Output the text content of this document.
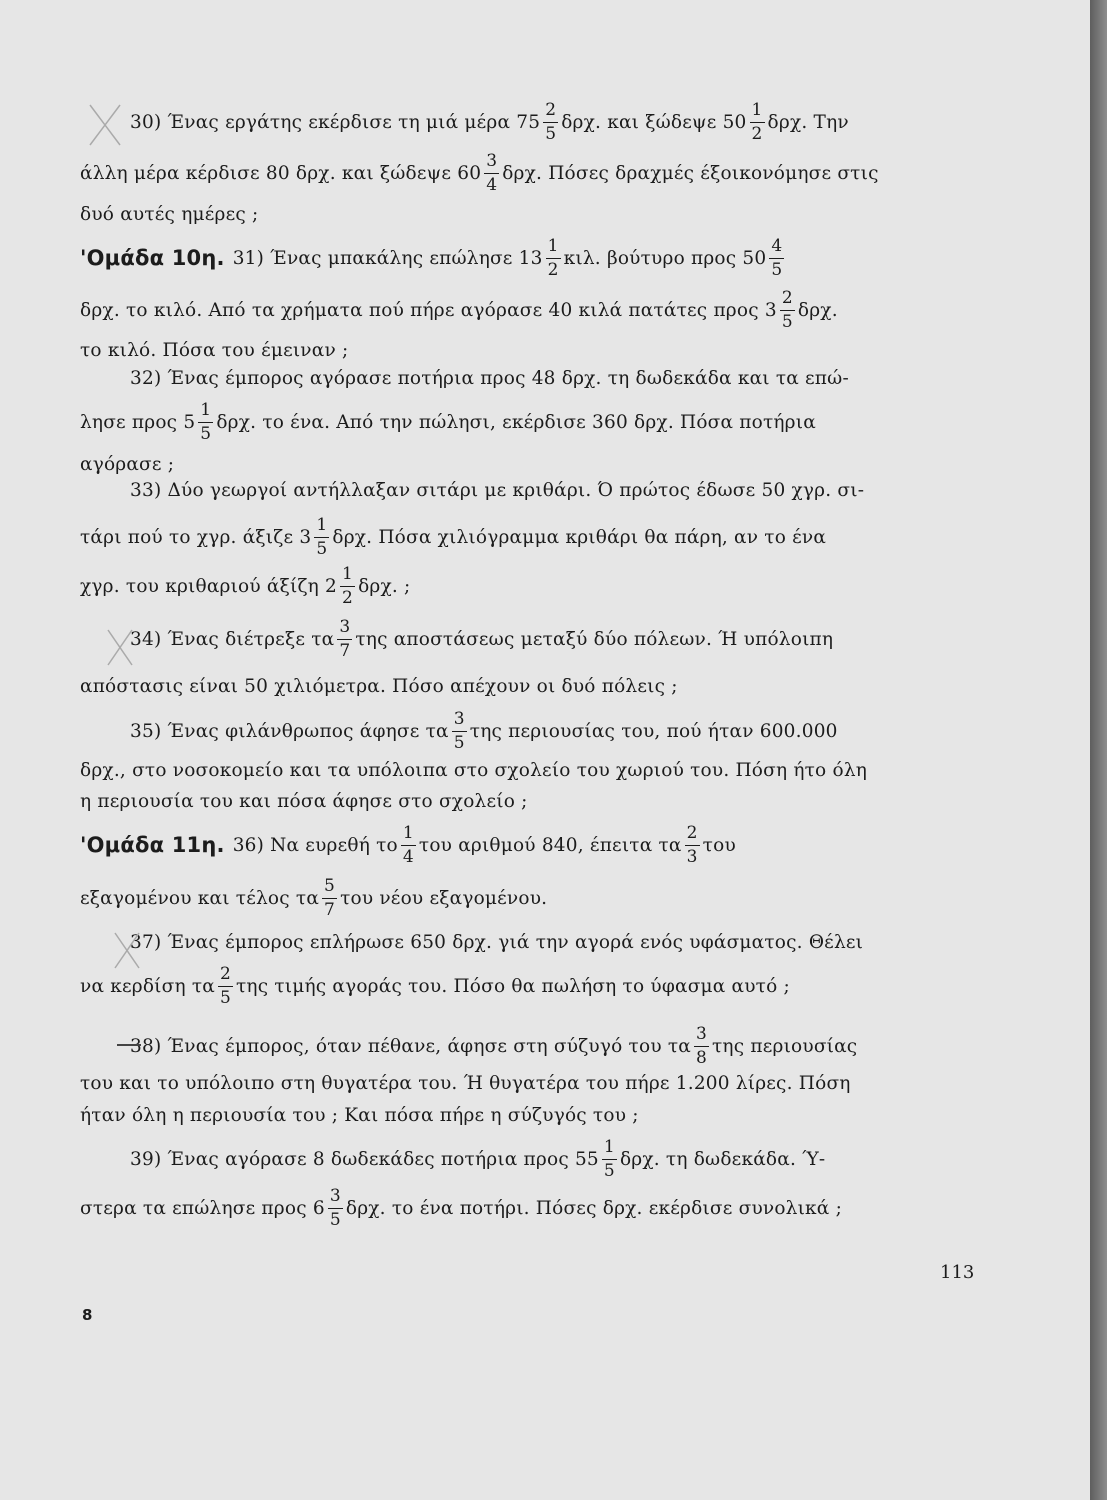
30) Ένας εργάτης εκέρδισε τη μιά μέρα $75 \frac{2}{5} \delta\rho\chi$. και ξώδεψε $50 \frac{1}{2} \delta\rho\chi$. Την
άλλη μέρα κέρδισε 80 δρχ. και ξώδεψε $60 \frac{3}{4} \delta\rho\chi$. Πόσες δραχμές έξοικονόμησε στις
δυό αυτές ημέρες ;
'Ομάδα 10η. 31) Ένας μπακάλης επώλησε $13 \frac{1}{2} \kappa\iota\lambda$. βούτυρο προς $50 \frac{4}{5}$
δρχ. το κιλό. Από τα χρήματα πού πήρε αγόρασε 40 κιλά πατάτες προς $3 \frac{2}{5} \delta\rho\chi$.
το κιλό. Πόσα του έμειναν ;
32) Ένας έμπορος αγόρασε ποτήρια προς 48 δρχ. τη δωδεκάδα και τα επώ-
λησε προς $5 \frac{1}{5} \delta\rho\chi$. το ένα. Από την πώλησι, εκέρδισε 360 δρχ. Πόσα ποτήρια
αγόρασε ;
33) Δύο γεωργοί αντήλλαξαν σιτάρι με κριθάρι. Ό πρώτος έδωσε 50 χγρ. σι-
τάρι πού το χγρ. άξιζε $3 \frac{1}{5} \delta\rho\chi$. Πόσα χιλιόγραμμα κριθάρι θα πάρη, αν το ένα
χγρ. του κριθαριού άξίζη $2 \frac{1}{2} \delta\rho\chi$. ;
34) Ένας διέτρεξε τα $\frac{3}{7}$ της αποστάσεως μεταξύ δύο πόλεων. Ή υπόλοιπη
απόστασις είναι 50 χιλιόμετρα. Πόσο απέχουν οι δυό πόλεις ;
35) Ένας φιλάνθρωπος άφησε τα $\frac{3}{5}$ της περιουσίας του, πού ήταν 600.000
δρχ., στο νοσοκομείο και τα υπόλοιπα στο σχολείο του χωριού του. Πόση ήτο όλη
η περιουσία του και πόσα άφησε στο σχολείο ;
'Ομάδα 11η. 36) Να ευρεθή το $\frac{1}{4}$ του αριθμού 840, έπειτα τα $\frac{2}{3}$ του
εξαγομένου και τέλος τα $\frac{5}{7}$ του νέου εξαγομένου.
37) Ένας έμπορος επλήρωσε 650 δρχ. γιά την αγορά ενός υφάσματος. Θέλει
να κερδίση τα $\frac{2}{5}$ της τιμής αγοράς του. Πόσο θα πωλήση το ύφασμα αυτό ;
38) Ένας έμπορος, όταν πέθανε, άφησε στη σύζυγό του τα $\frac{3}{8}$ της περιουσίας
του και το υπόλοιπο στη θυγατέρα του. Ή θυγατέρα του πήρε 1.200 λίρες. Πόση
ήταν όλη η περιουσία του ; Και πόσα πήρε η σύζυγός του ;
39) Ένας αγόρασε 8 δωδεκάδες ποτήρια προς $55 \frac{1}{5} \delta\rho\chi$. τη δωδεκάδα. Ύ-
στερα τα επώλησε προς $6 \frac{3}{5} \delta\rho\chi$. το ένα ποτήρι. Πόσες δρχ. εκέρδισε συνολικά ;
113
8
